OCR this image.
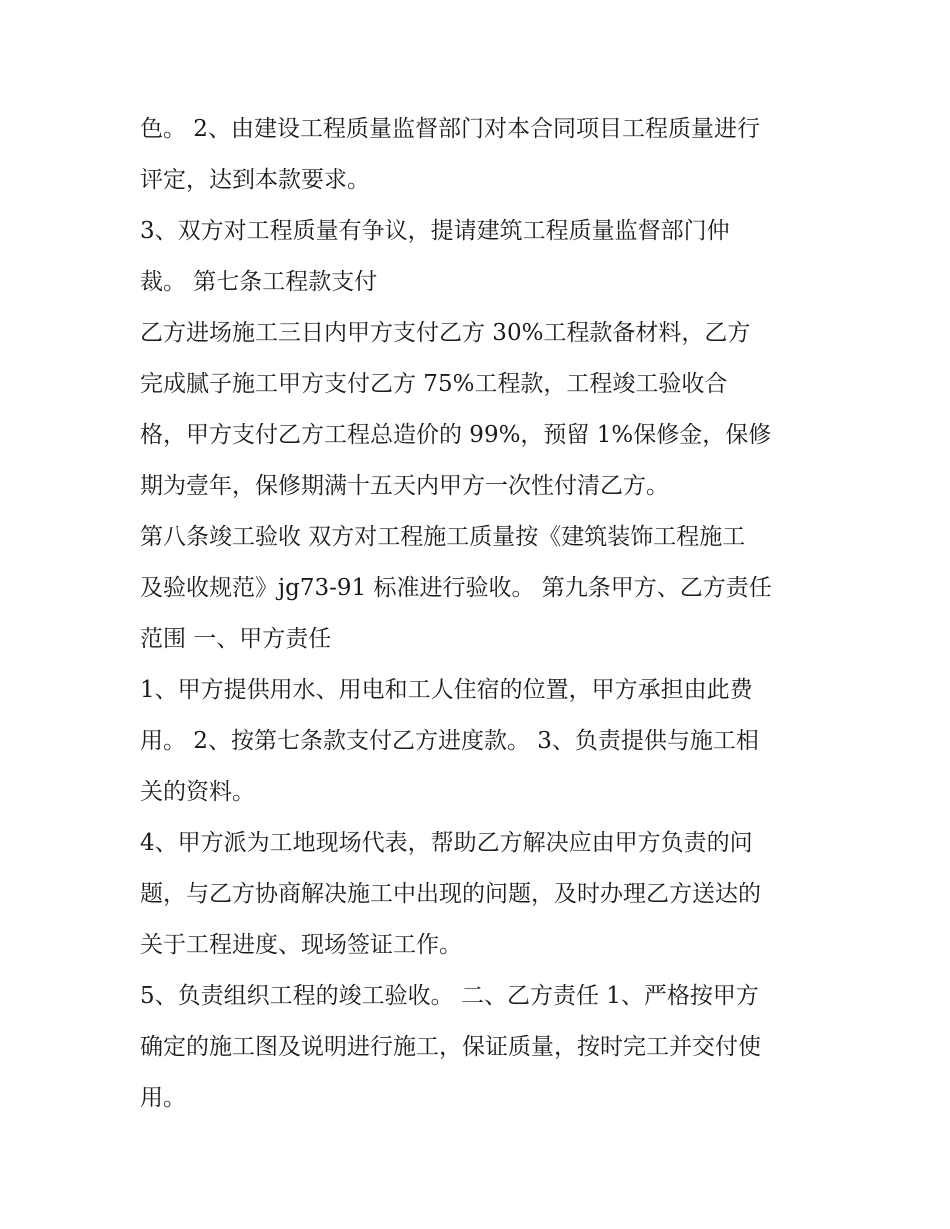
色。 2、由建设工程质量监督部门对本合同项目工程质量进行
评定，达到本款要求。
3、双方对工程质量有争议，提请建筑工程质量监督部门仲
裁。 第七条工程款支付
乙方进场施工三日内甲方支付乙方 30%工程款备材料，乙方
完成腻子施工甲方支付乙方 75%工程款，工程竣工验收合
格，甲方支付乙方工程总造价的 99%，预留 1%保修金，保修
期为壹年，保修期满十五天内甲方一次性付清乙方。
第八条竣工验收 双方对工程施工质量按《建筑装饰工程施工
及验收规范》jg73-91 标准进行验收。 第九条甲方、乙方责任
范围 一、甲方责任
1、甲方提供用水、用电和工人住宿的位置，甲方承担由此费
用。 2、按第七条款支付乙方进度款。 3、负责提供与施工相
关的资料。
4、甲方派为工地现场代表，帮助乙方解决应由甲方负责的问
题，与乙方协商解决施工中出现的问题，及时办理乙方送达的
关于工程进度、现场签证工作。
5、负责组织工程的竣工验收。 二、乙方责任 1、严格按甲方
确定的施工图及说明进行施工，保证质量，按时完工并交付使
用。
